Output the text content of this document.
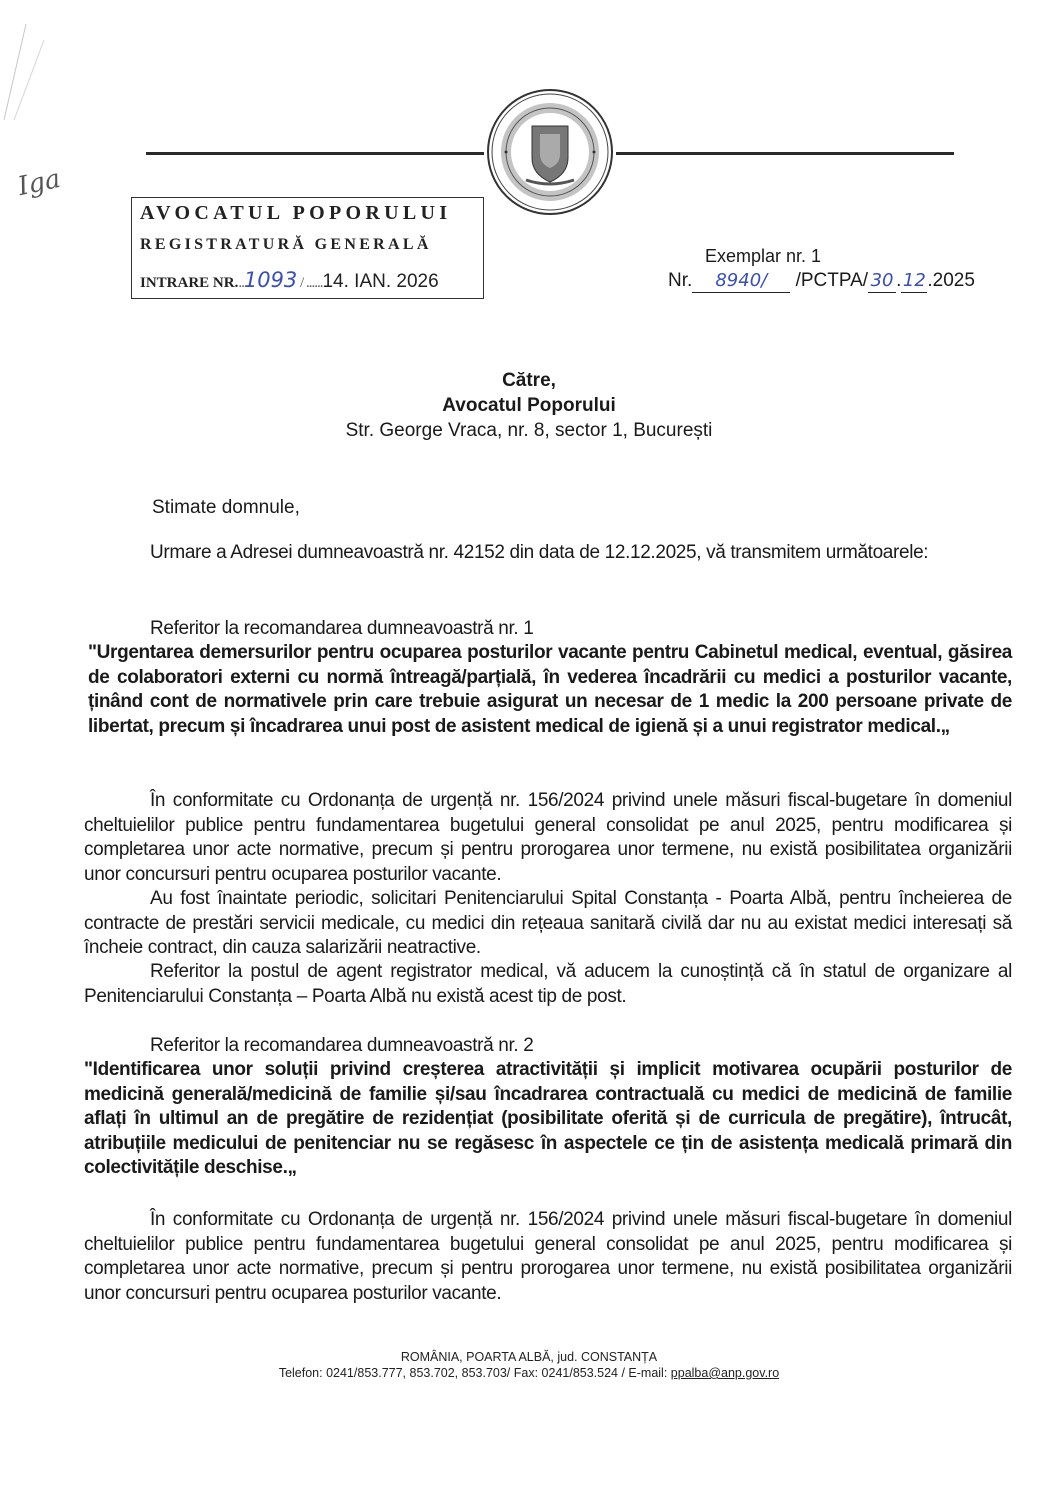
Iga
AVOCATUL POPORULUI
REGISTRATURĂ GENERALĂ
INTRARE NR...1093 / ......14. IAN. 2026
Exemplar nr. 1
Nr. 8940/ /PCTPA/ 30 .12.2025
Către,
Avocatul Poporului
Str. George Vraca, nr. 8, sector 1, București
Stimate domnule,
Urmare a Adresei dumneavoastră nr. 42152 din data de 12.12.2025, vă transmitem următoarele:
Referitor la recomandarea dumneavoastră nr. 1
"Urgentarea demersurilor pentru ocuparea posturilor vacante pentru Cabinetul medical, eventual, găsirea de colaboratori externi cu normă întreagă/parțială, în vederea încadrării cu medici a posturilor vacante, ținând cont de normativele prin care trebuie asigurat un necesar de 1 medic la 200 persoane private de libertat, precum și încadrarea unui post de asistent medical de igienă și a unui registrator medical.„
În conformitate cu Ordonanța de urgență nr. 156/2024 privind unele măsuri fiscal-bugetare în domeniul cheltuielilor publice pentru fundamentarea bugetului general consolidat pe anul 2025, pentru modificarea și completarea unor acte normative, precum și pentru prorogarea unor termene, nu există posibilitatea organizării unor concursuri pentru ocuparea posturilor vacante.
Au fost înaintate periodic, solicitari Penitenciarului Spital Constanța - Poarta Albă, pentru încheierea de contracte de prestări servicii medicale, cu medici din rețeaua sanitară civilă dar nu au existat medici interesați să încheie contract, din cauza salarizării neatractive.
Referitor la postul de agent registrator medical, vă aducem la cunoștință că în statul de organizare al Penitenciarului Constanța – Poarta Albă nu există acest tip de post.
Referitor la recomandarea dumneavoastră nr. 2
"Identificarea unor soluții privind creșterea atractivității și implicit motivarea ocupării posturilor de medicină generală/medicină de familie și/sau încadrarea contractuală cu medici de medicină de familie aflați în ultimul an de pregătire de rezidențiat (posibilitate oferită și de curricula de pregătire), întrucât, atribuțiile medicului de penitenciar nu se regăsesc în aspectele ce țin de asistența medicală primară din colectivitățile deschise.„
În conformitate cu Ordonanța de urgență nr. 156/2024 privind unele măsuri fiscal-bugetare în domeniul cheltuielilor publice pentru fundamentarea bugetului general consolidat pe anul 2025, pentru modificarea și completarea unor acte normative, precum și pentru prorogarea unor termene, nu există posibilitatea organizării unor concursuri pentru ocuparea posturilor vacante.
ROMÂNIA, POARTA ALBĂ, jud. CONSTANȚA
Telefon: 0241/853.777, 853.702, 853.703/ Fax: 0241/853.524 / E-mail: ppalba@anp.gov.ro
